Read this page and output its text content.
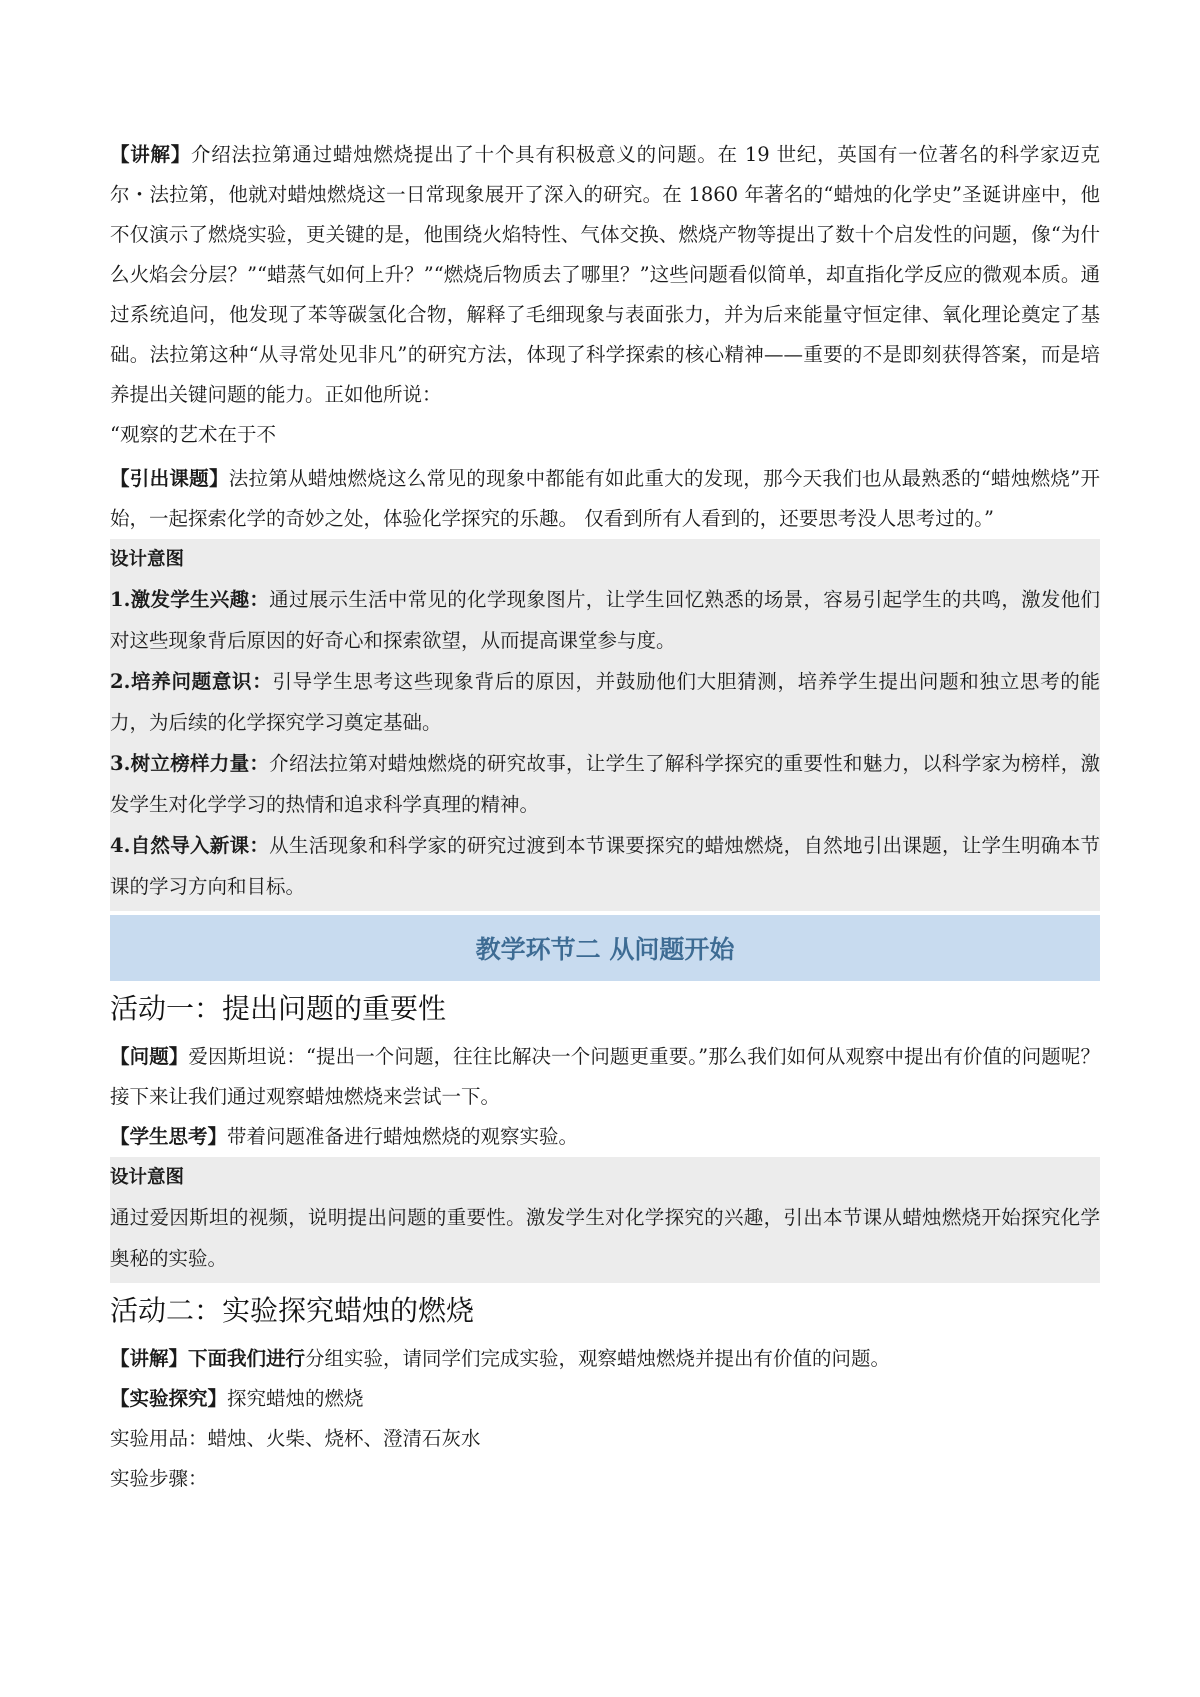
【讲解】介绍法拉第通过蜡烛燃烧提出了十个具有积极意义的问题。在 19 世纪，英国有一位著名的科学家迈克尔・法拉第，他就对蜡烛燃烧这一日常现象展开了深入的研究。在 1860 年著名的“蜡烛的化学史”圣诞讲座中，他不仅演示了燃烧实验，更关键的是，他围绕火焰特性、气体交换、燃烧产物等提出了数十个启发性的问题，像“为什么火焰会分层？”“蜡蒸气如何上升？”“燃烧后物质去了哪里？”这些问题看似简单，却直指化学反应的微观本质。通过系统追问，他发现了苯等碳氢化合物，解释了毛细现象与表面张力，并为后来能量守恒定律、氧化理论奠定了基础。法拉第这种“从寻常处见非凡”的研究方法，体现了科学探索的核心精神——重要的不是即刻获得答案，而是培养提出关键问题的能力。正如他所说：

“观察的艺术在于不

【引出课题】法拉第从蜡烛燃烧这么常见的现象中都能有如此重大的发现，那今天我们也从最熟悉的“蜡烛燃烧”开始，一起探索化学的奇妙之处，体验化学探究的乐趣。 仅看到所有人看到的，还要思考没人思考过的。”

设计意图

1.激发学生兴趣：通过展示生活中常见的化学现象图片，让学生回忆熟悉的场景，容易引起学生的共鸣，激发他们对这些现象背后原因的好奇心和探索欲望，从而提高课堂参与度。

2.培养问题意识：引导学生思考这些现象背后的原因，并鼓励他们大胆猜测，培养学生提出问题和独立思考的能力，为后续的化学探究学习奠定基础。

3.树立榜样力量：介绍法拉第对蜡烛燃烧的研究故事，让学生了解科学探究的重要性和魅力，以科学家为榜样，激发学生对化学学习的热情和追求科学真理的精神。

4.自然导入新课：从生活现象和科学家的研究过渡到本节课要探究的蜡烛燃烧，自然地引出课题，让学生明确本节课的学习方向和目标。

教学环节二 从问题开始
活动一：提出问题的重要性

【问题】爱因斯坦说：“提出一个问题，往往比解决一个问题更重要。”那么我们如何从观察中提出有价值的问题呢？接下来让我们通过观察蜡烛燃烧来尝试一下。

【学生思考】带着问题准备进行蜡烛燃烧的观察实验。

设计意图

通过爱因斯坦的视频，说明提出问题的重要性。激发学生对化学探究的兴趣，引出本节课从蜡烛燃烧开始探究化学奥秘的实验。

活动二：实验探究蜡烛的燃烧

【讲解】下面我们进行分组实验，请同学们完成实验，观察蜡烛燃烧并提出有价值的问题。

【实验探究】探究蜡烛的燃烧

实验用品：蜡烛、火柴、烧杯、澄清石灰水

实验步骤：
